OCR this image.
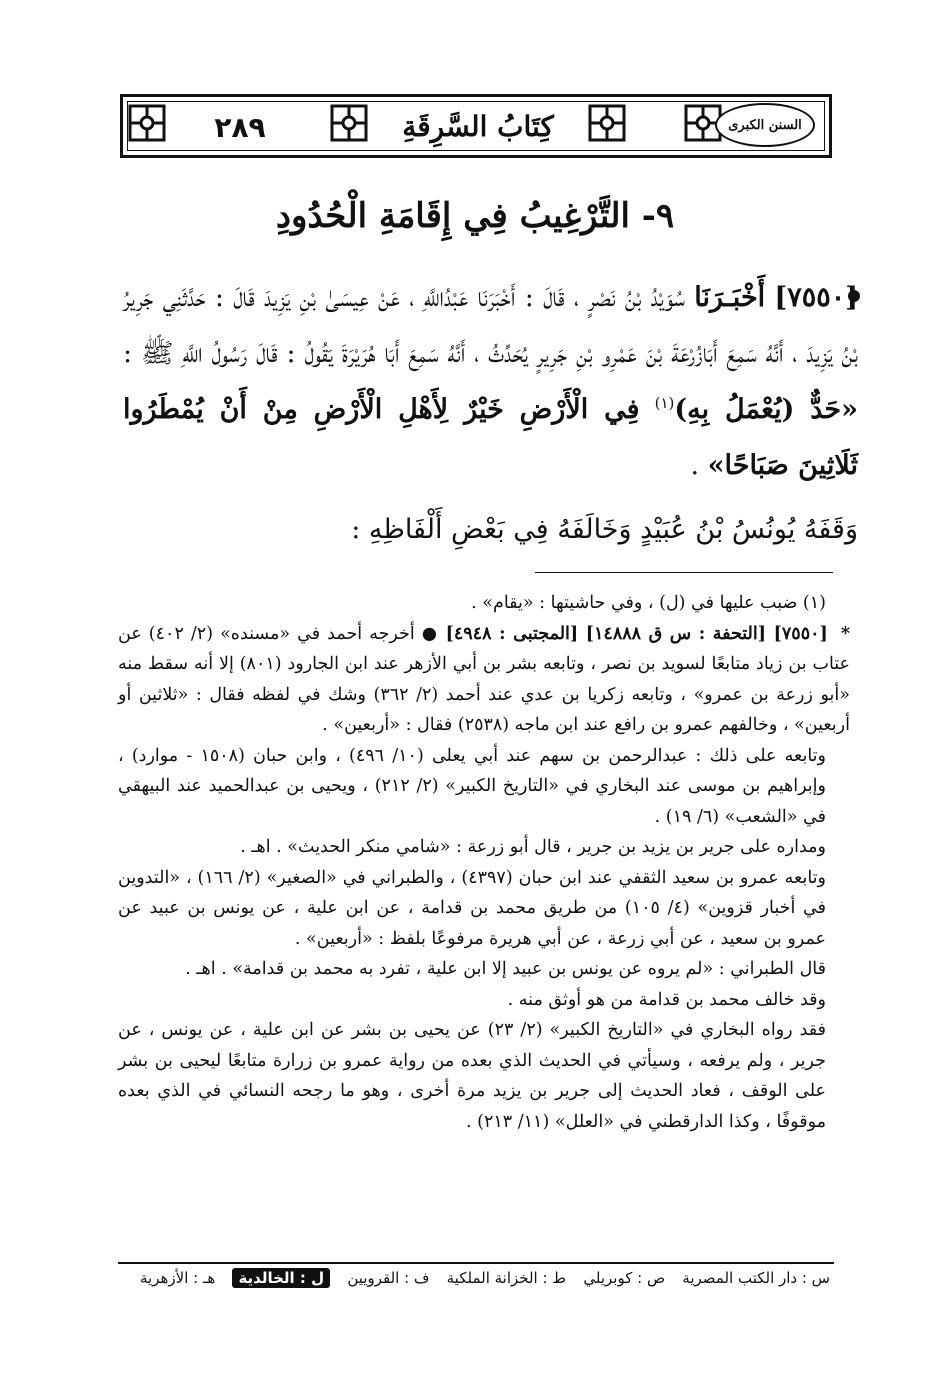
٢٨٩	كِتَابُ السَّرِقَةِ	السنن الكبرى
٩- التَّرْغِيبُ فِي إِقَامَةِ الْحُدُودِ
[٧٥٥٠] أَخْبَـرَنَا سُوَيْدُ بْنُ نَصْرٍ ، قَالَ : أَخْبَرَنَا عَبْدُاللَّهِ ، عَنْ عِيسَىٰ بْنِ يَزِيدَ قَالَ : حَدَّثَنِي جَرِيرُ بْنُ يَزِيدَ ، أَنَّهُ سَمِعَ أَبَازُرْعَةَ بْنَ عَمْرِو بْنِ جَرِيرٍ يُحَدِّثُ ، أَنَّهُ سَمِعَ أَبَا هُرَيْرَةَ يَقُولُ : قَالَ رَسُولُ اللَّهِ ﷺ : «حَدٌّ (يُعْمَلُ بِهِ)$^{(١)}$ فِي الْأَرْضِ خَيْرٌ لِأَهْلِ الْأَرْضِ مِنْ أَنْ يُمْطَرُوا ثَلَاثِينَ صَبَاحًا» .
وَقَفَهُ يُونُسُ بْنُ عُبَيْدٍ وَخَالَفَهُ فِي بَعْضِ أَلْفَاظِهِ :

(١) ضبب عليها في (ل) ، وفي حاشيتها : «يقام» .

* [٧٥٥٠] [التحفة : س ق ١٤٨٨٨] [المجتبى : ٤٩٤٨] ● أخرجه أحمد في «مسنده» (٢/ ٤٠٢) عن عتاب بن زياد متابعًا لسويد بن نصر ، وتابعه بشر بن أبي الأزهر عند ابن الجارود (٨٠١) إلا أنه سقط منه «أبو زرعة بن عمرو» ، وتابعه زكريا بن عدي عند أحمد (٢/ ٣٦٢) وشك في لفظه فقال : «ثلاثين أو أربعين» ، وخالفهم عمرو بن رافع عند ابن ماجه (٢٥٣٨) فقال : «أربعين» .

وتابعه على ذلك : عبدالرحمن بن سهم عند أبي يعلى (١٠/ ٤٩٦) ، وابن حبان (١٥٠٨ - موارد) ، وإبراهيم بن موسى عند البخاري في «التاريخ الكبير» (٢/ ٢١٢) ، ويحيى بن عبدالحميد عند البيهقي في «الشعب» (٦/ ١٩) .

ومداره على جرير بن يزيد بن جرير ، قال أبو زرعة : «شامي منكر الحديث» . اهـ .

وتابعه عمرو بن سعيد الثقفي عند ابن حبان (٤٣٩٧) ، والطبراني في «الصغير» (٢/ ١٦٦) ، «التدوين في أخبار قزوين» (٤/ ١٠٥) من طريق محمد بن قدامة ، عن ابن علية ، عن يونس بن عبيد عن عمرو بن سعيد ، عن أبي زرعة ، عن أبي هريرة مرفوعًا بلفظ : «أربعين» .

قال الطبراني : «لم يروه عن يونس بن عبيد إلا ابن علية ، تفرد به محمد بن قدامة» . اهـ .

وقد خالف محمد بن قدامة من هو أوثق منه .

فقد رواه البخاري في «التاريخ الكبير» (٢/ ٢٣) عن يحيى بن بشر عن ابن علية ، عن يونس ، عن جرير ، ولم يرفعه ، وسيأتي في الحديث الذي بعده من رواية عمرو بن زرارة متابعًا ليحيى بن بشر على الوقف ، فعاد الحديث إلى جرير بن يزيد مرة أخرى ، وهو ما رجحه النسائي في الذي بعده موقوفًا ، وكذا الدارقطني في «العلل» (١١/ ٢١٣) .

هـ : الأزهرية	ل : الخالدية	ف : القرويين ط : الخزانة الملكية ص : كوبريلي س : دار الكتب المصرية
